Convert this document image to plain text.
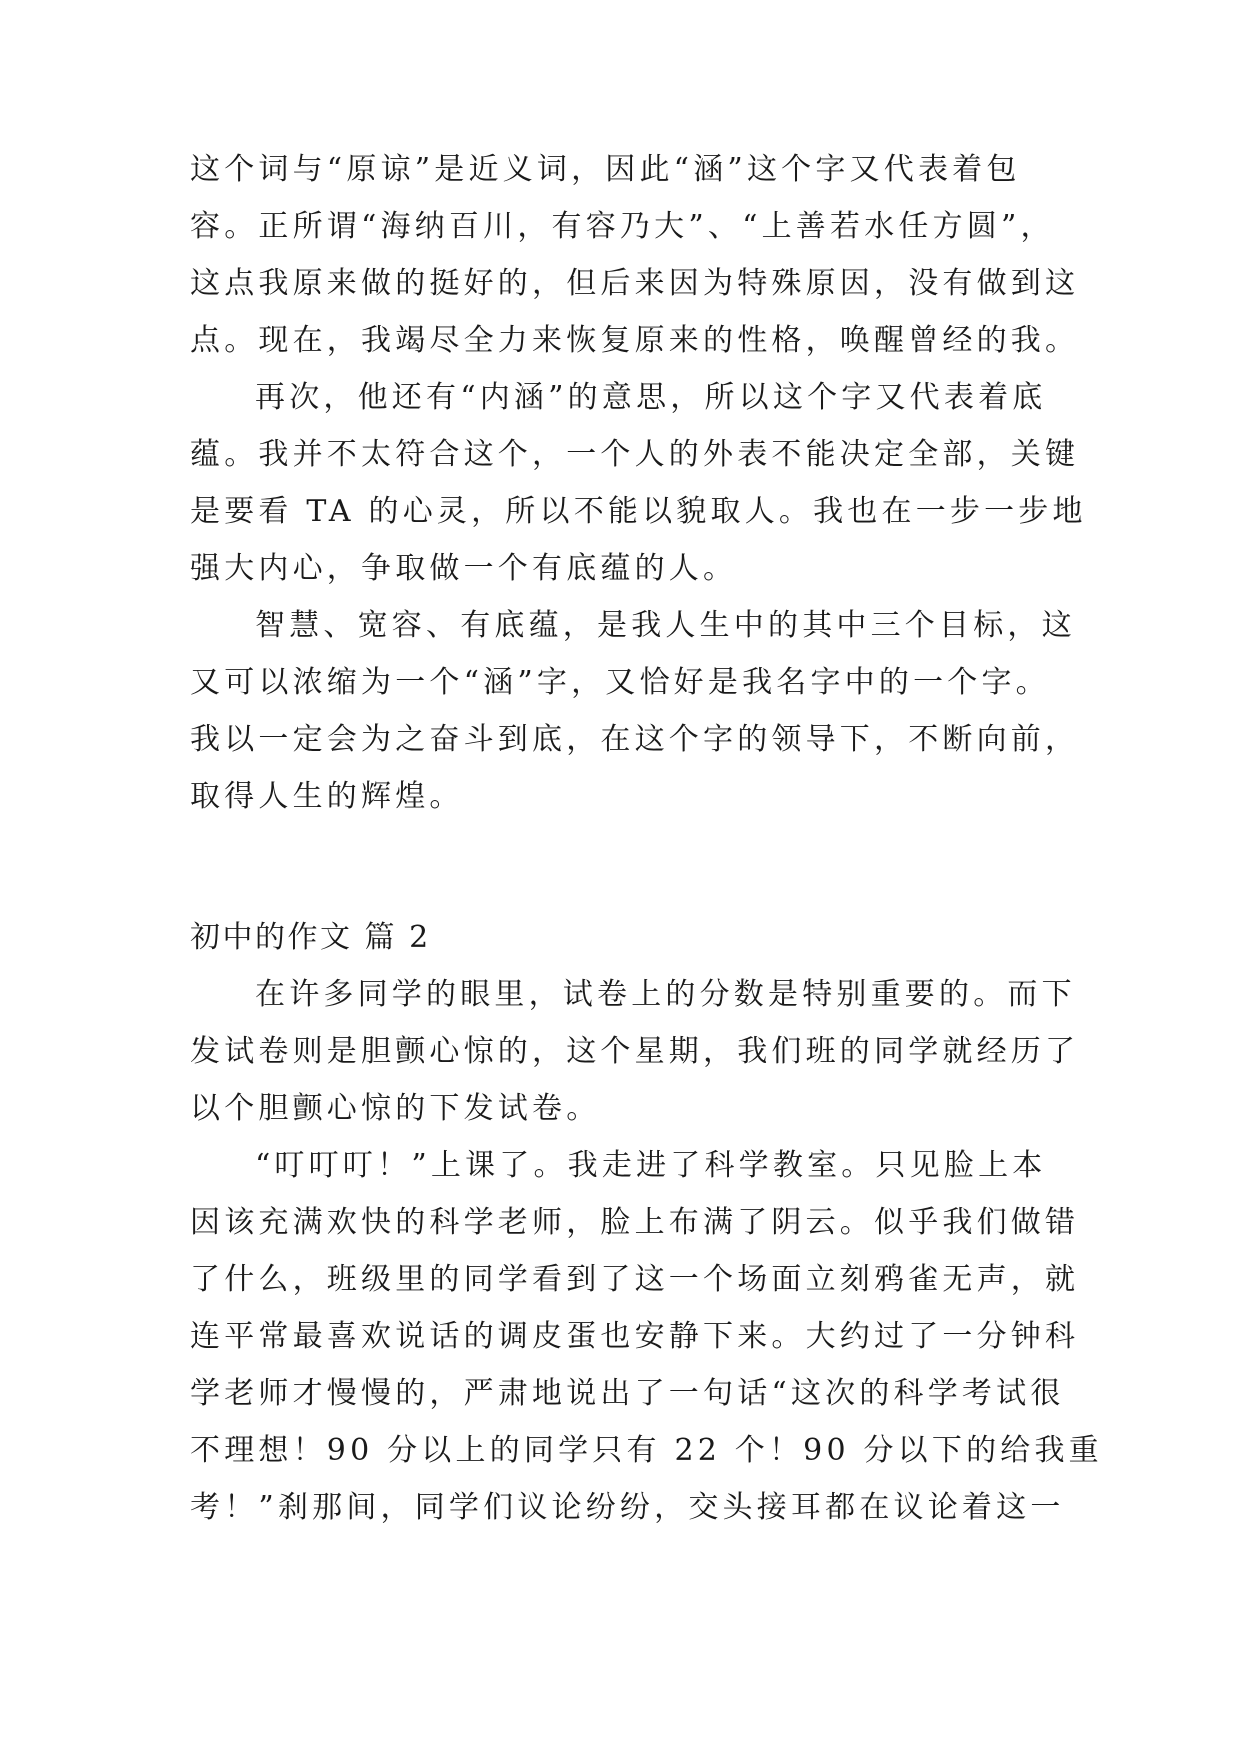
这个词与“原谅”是近义词，因此“涵”这个字又代表着包
容。正所谓“海纳百川，有容乃大”、“上善若水任方圆”，
这点我原来做的挺好的，但后来因为特殊原因，没有做到这
点。现在，我竭尽全力来恢复原来的性格，唤醒曾经的我。
再次，他还有“内涵”的意思，所以这个字又代表着底
蕴。我并不太符合这个，一个人的外表不能决定全部，关键
是要看 TA 的心灵，所以不能以貌取人。我也在一步一步地
强大内心，争取做一个有底蕴的人。
智慧、宽容、有底蕴，是我人生中的其中三个目标，这
又可以浓缩为一个“涵”字，又恰好是我名字中的一个字。
我以一定会为之奋斗到底，在这个字的领导下，不断向前，
取得人生的辉煌。
初中的作文 篇 2
在许多同学的眼里，试卷上的分数是特别重要的。而下
发试卷则是胆颤心惊的，这个星期，我们班的同学就经历了
以个胆颤心惊的下发试卷。
“叮叮叮！”上课了。我走进了科学教室。只见脸上本
因该充满欢快的科学老师，脸上布满了阴云。似乎我们做错
了什么，班级里的同学看到了这一个场面立刻鸦雀无声，就
连平常最喜欢说话的调皮蛋也安静下来。大约过了一分钟科
学老师才慢慢的，严肃地说出了一句话“这次的科学考试很
不理想！90 分以上的同学只有 22 个！90 分以下的给我重
考！”刹那间，同学们议论纷纷，交头接耳都在议论着这一
